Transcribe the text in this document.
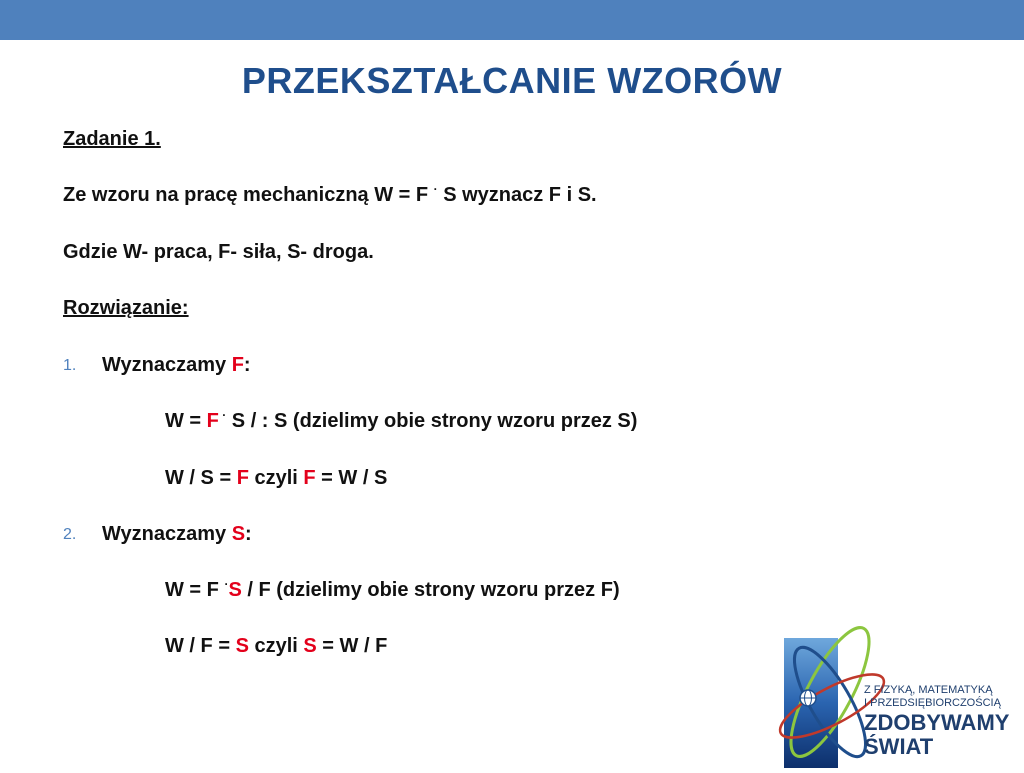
PRZEKSZTAŁCANIE WZORÓW
Zadanie 1.
Ze wzoru na pracę mechaniczną W = F · S wyznacz F i S.
Gdzie W- praca, F- siła, S- droga.
Rozwiązanie:
1. Wyznaczamy F:
W = F · S / : S (dzielimy obie strony wzoru przez S)
W / S = F czyli F = W / S
2. Wyznaczamy S:
W = F ·S / F (dzielimy obie strony wzoru przez F)
W / F = S czyli S = W / F
Z FIZYKĄ, MATEMATYKĄ
I PRZEDSIĘBIORCZOŚCIĄ
ZDOBYWAMY
ŚWIAT
